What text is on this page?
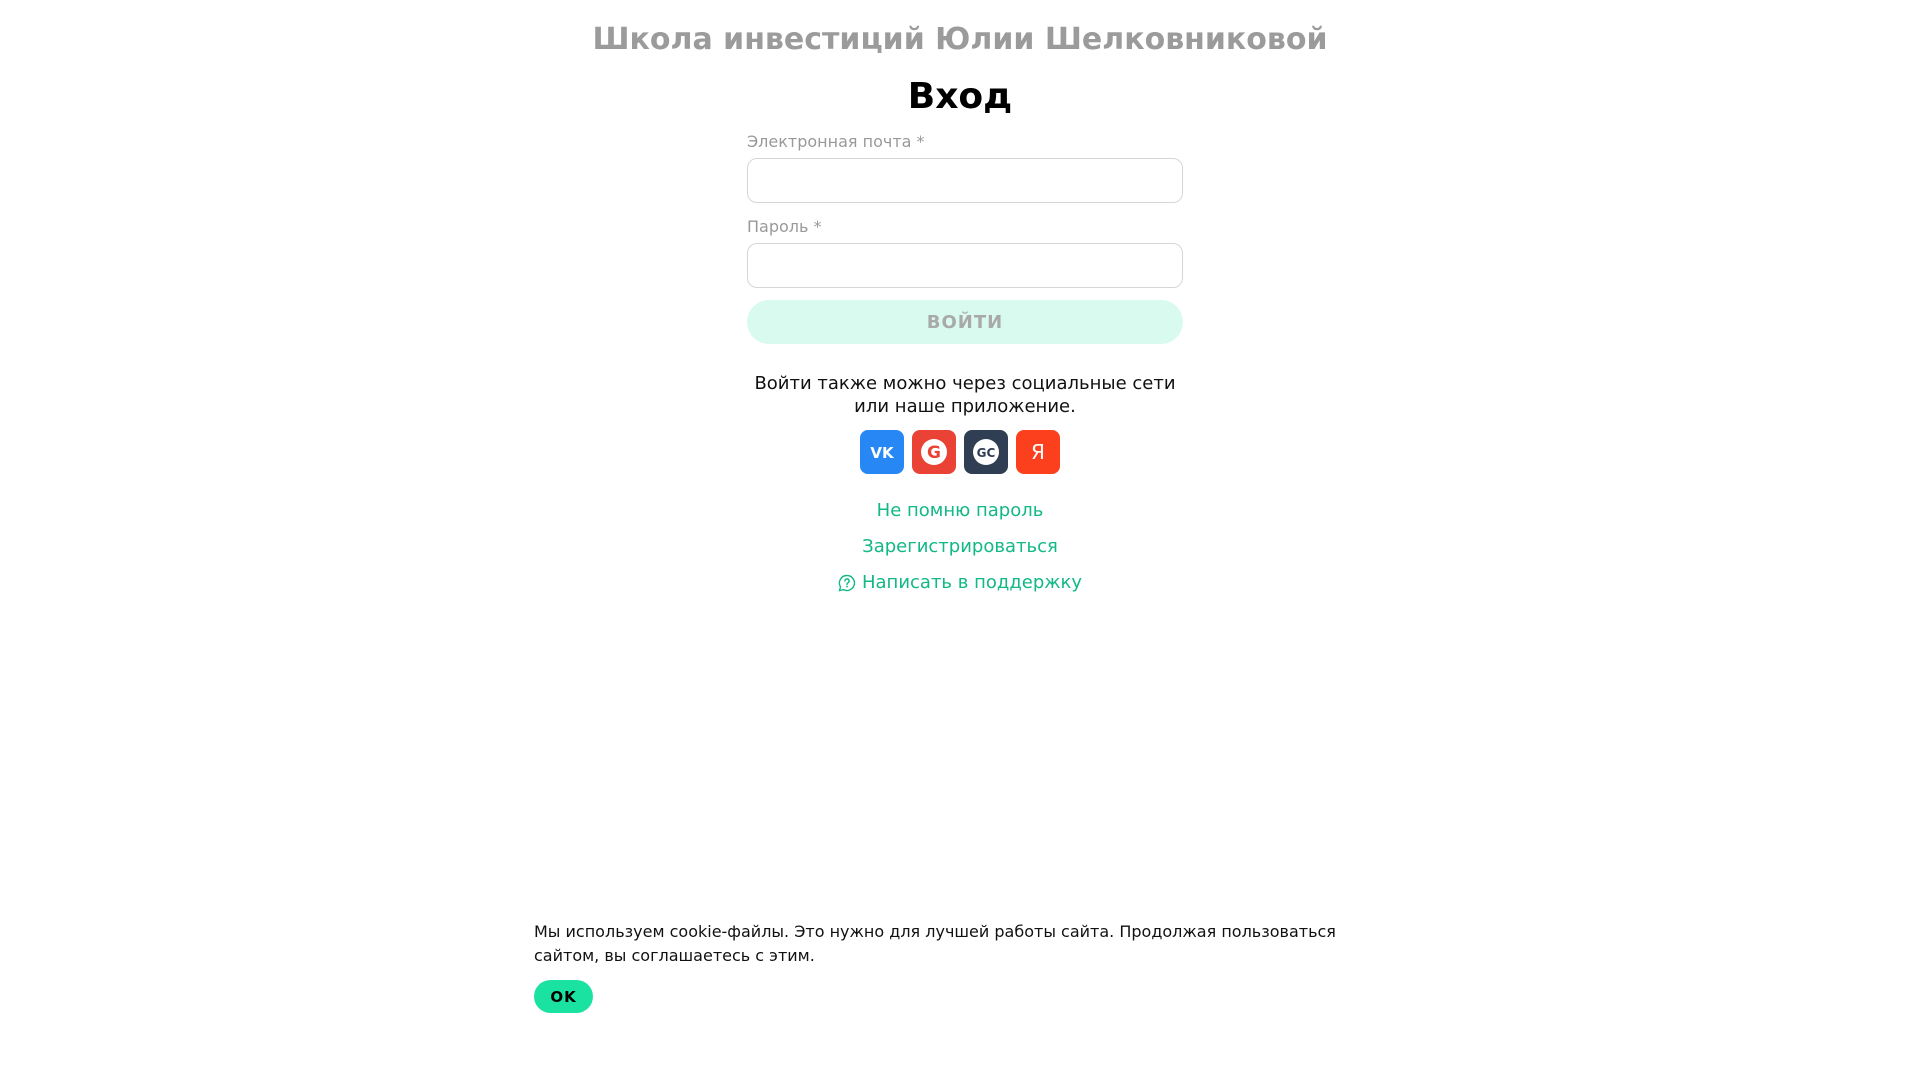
Школа инвестиций Юлии Шелковниковой
Вход
Электронная почта *
Пароль *
ВОЙТИ
Войти также можно через социальные сети или наше приложение.
VK G	GC Я
Не помню пароль
Зарегистрироваться
Написать в поддержку
Мы используем cookie-файлы. Это нужно для лучшей работы сайта. Продолжая пользоваться сайтом, вы соглашаетесь с этим.
OK
